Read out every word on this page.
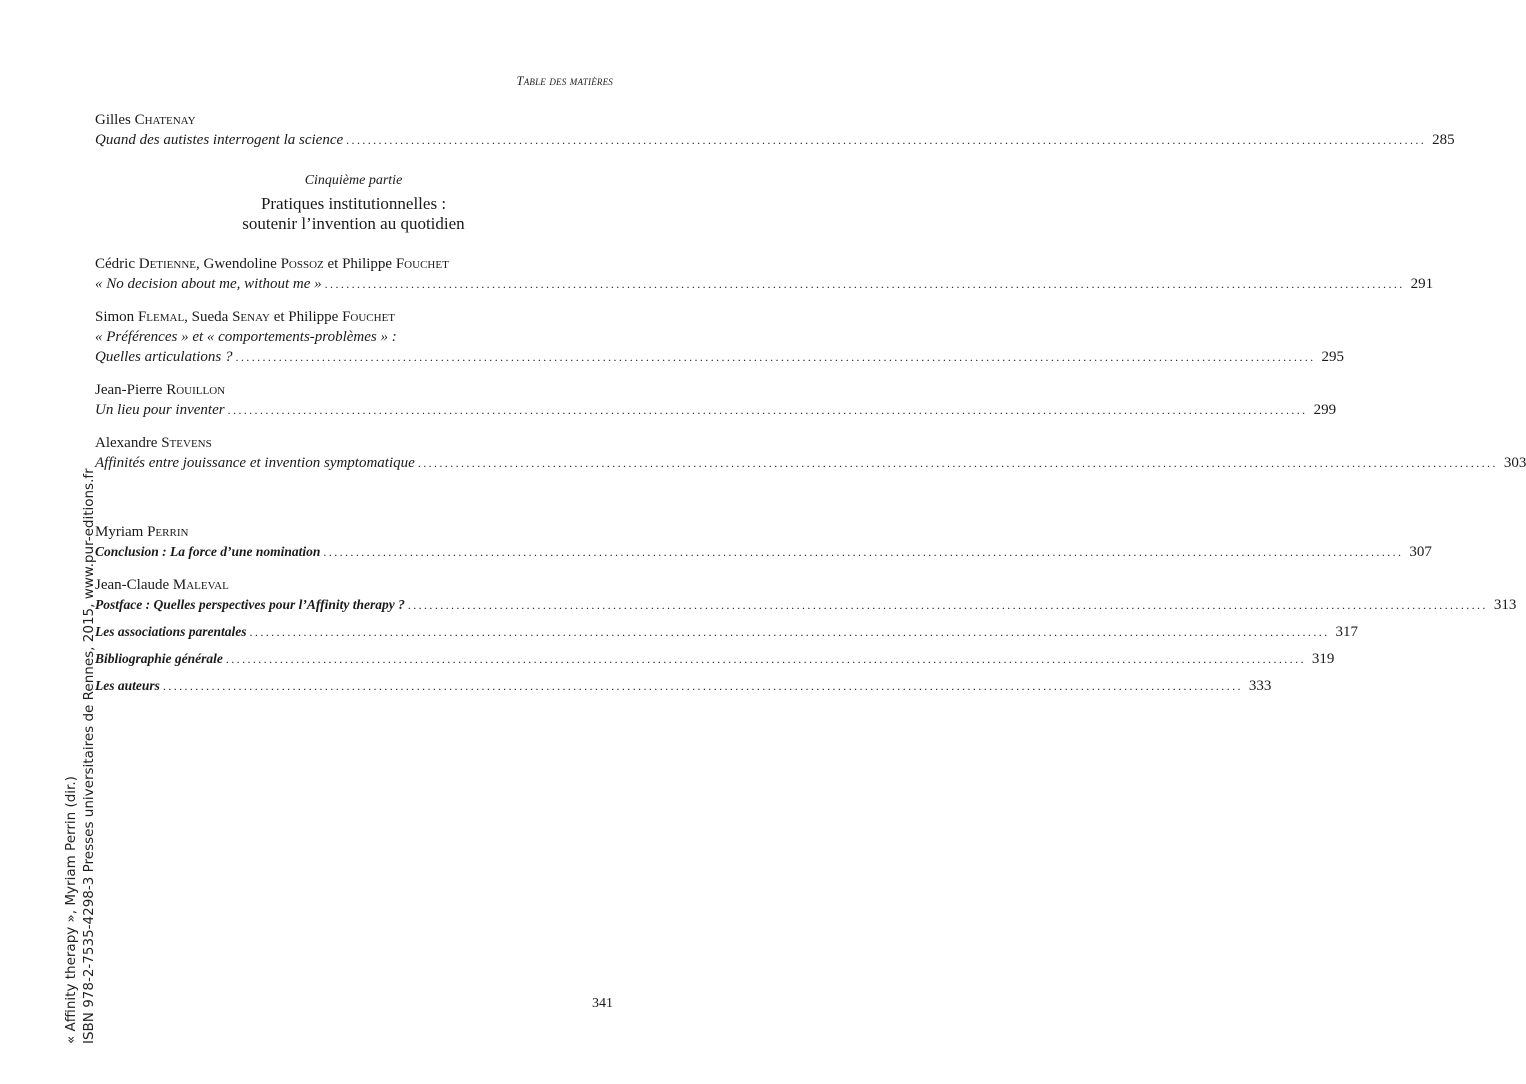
Table des matières
Gilles Chatenay
Quand des autistes interrogent la science ........................................................................................................................................................................................................ 285
Cinquième partie
Pratiques institutionnelles :
soutenir l’invention au quotidien
Cédric Detienne, Gwendoline Possoz et Philippe Fouchet
« No decision about me, without me » ........................................................................................................................................................................................................ 291
Simon Flemal, Sueda Senay et Philippe Fouchet
« Préférences » et « comportements-problèmes » :
Quelles articulations ? ........................................................................................................................................................................................................ 295
Jean-Pierre Rouillon
Un lieu pour inventer ........................................................................................................................................................................................................ 299
Alexandre Stevens
Affinités entre jouissance et invention symptomatique ........................................................................................................................................................................................................ 303
Myriam Perrin
Conclusion : La force d’une nomination ........................................................................................................................................................................................................ 307
Jean-Claude Maleval
Postface : Quelles perspectives pour l’Affinity therapy ? ........................................................................................................................................................................................................ 313
Les associations parentales ........................................................................................................................................................................................................ 317
Bibliographie générale ........................................................................................................................................................................................................ 319
Les auteurs ........................................................................................................................................................................................................ 333
« Affinity therapy », Myriam Perrin (dir.) ISBN 978-2-7535-4298-3 Presses universitaires de Rennes, 2015, www.pur-editions.fr	341
